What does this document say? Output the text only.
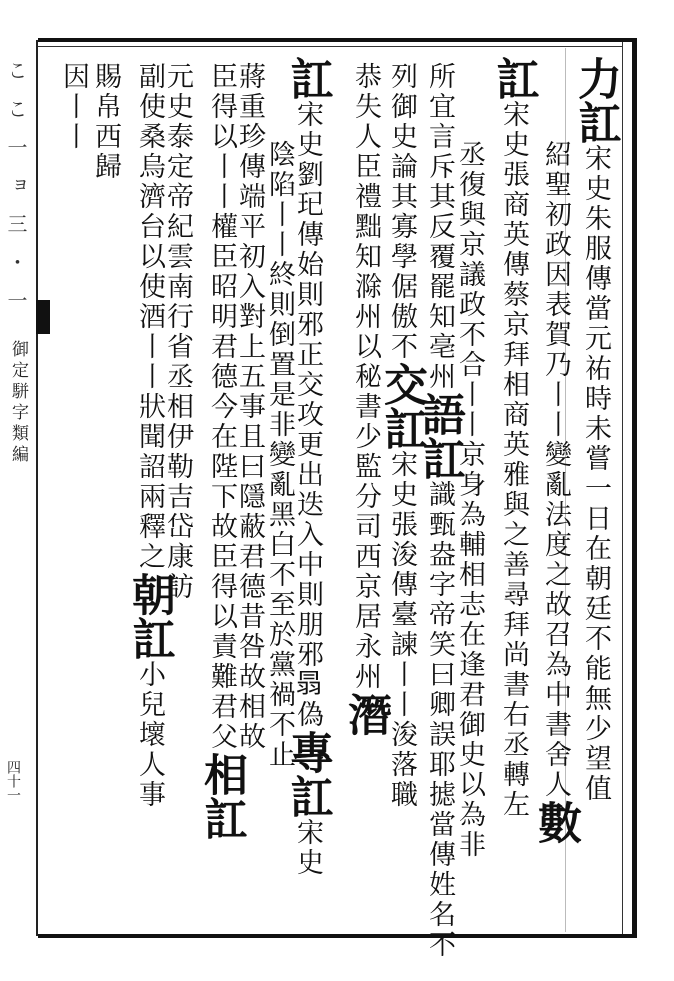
こ こ 一 ョ 三 ・ 一
御定駢字類編
四十一
力訌宋史朱服傳當元祐時未嘗一日在朝廷不能無少望值
紹聖初政因表賀乃丨丨變亂法度之故召為中書舍人數
訌宋史張商英傳蔡京拜相商英雅與之善尋拜尚書右丞轉左
丞復與京議政不合丨丨京身為輔相志在逢君御史以為非
所宜言斥其反覆罷知亳州語訌識甄盎字帝笑曰卿誤耶摅當傳姓名不
列御史論其寡學倨傲不交訌宋史張浚傳臺諫丨丨浚落職
恭失人臣禮黜知滁州以秘書少監分司西京居永州潛
訌宋史劉𤣱傳始則邪正交攻更出迭入中則朋邪𦐇偽專訌宋史
陰陷丨丨終則倒置是非變亂黑白不至於黨禍不止
蔣重珍傳端平初入對上五事且曰隱蔽君德昔咎故相故
臣得以丨丨權臣昭明君德今在陛下故臣得以責難君父相訌
元史泰定帝紀雲南行省丞相伊勒吉岱康訪
副使桑烏濟台以使酒丨丨狀聞詔兩釋之朝訌小兒壞人事
賜帛西歸
因丨丨
